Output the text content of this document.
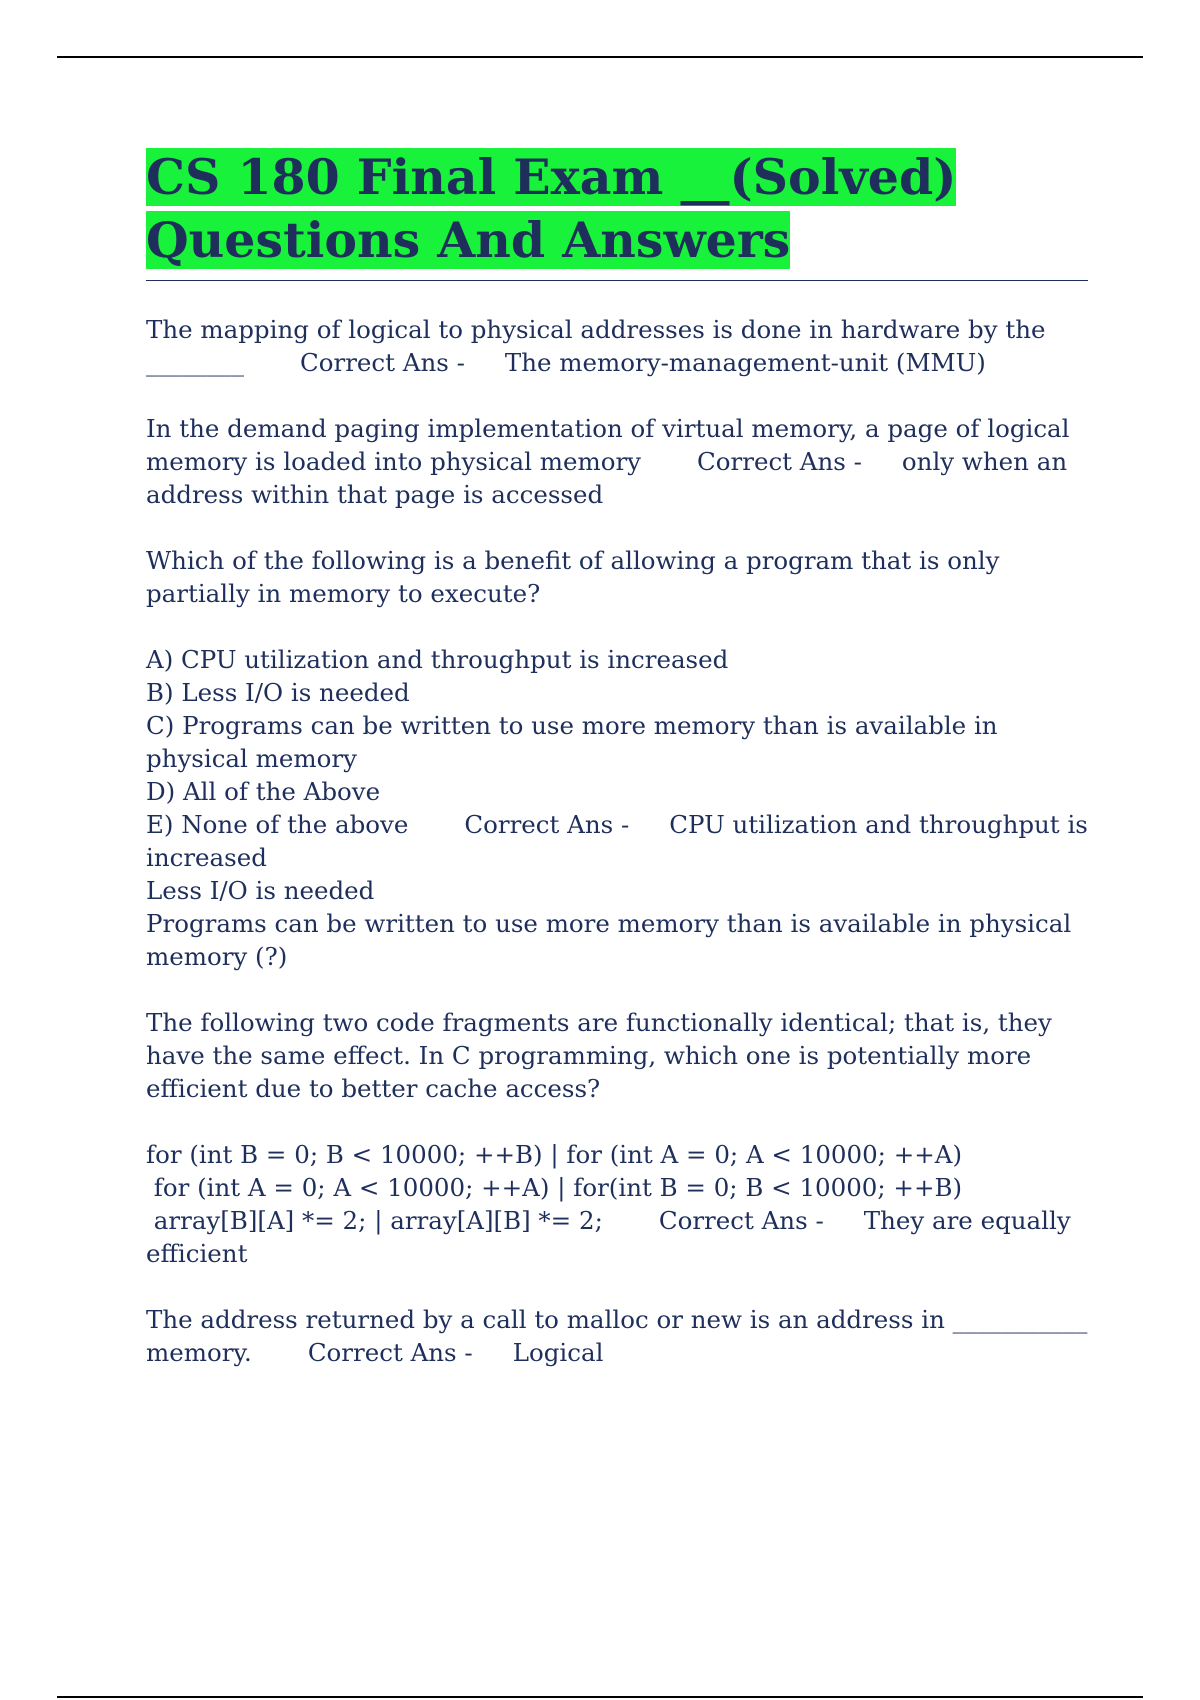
CS 180 Final Exam __(Solved)
Questions And Answers

The mapping of logical to physical addresses is done in hardware by the
________ Correct Ans - The memory-management-unit (MMU)

In the demand paging implementation of virtual memory, a page of logical memory is loaded into physical memory Correct Ans - only when an address within that page is accessed

Which of the following is a benefit of allowing a program that is only partially in memory to execute?

A) CPU utilization and throughput is increased
B) Less I/O is needed
C) Programs can be written to use more memory than is available in physical memory
D) All of the Above
E) None of the above Correct Ans - CPU utilization and throughput is increased
Less I/O is needed
Programs can be written to use more memory than is available in physical memory (?)

The following two code fragments are functionally identical; that is, they have the same effect. In C programming, which one is potentially more efficient due to better cache access?

for (int B = 0; B < 10000; ++B) | for (int A = 0; A < 10000; ++A)
for (int A = 0; A < 10000; ++A) | for(int B = 0; B < 10000; ++B)
array[B][A] *= 2; | array[A][B] *= 2; Correct Ans - They are equally efficient

The address returned by a call to malloc or new is an address in ___________ memory. Correct Ans - Logical
